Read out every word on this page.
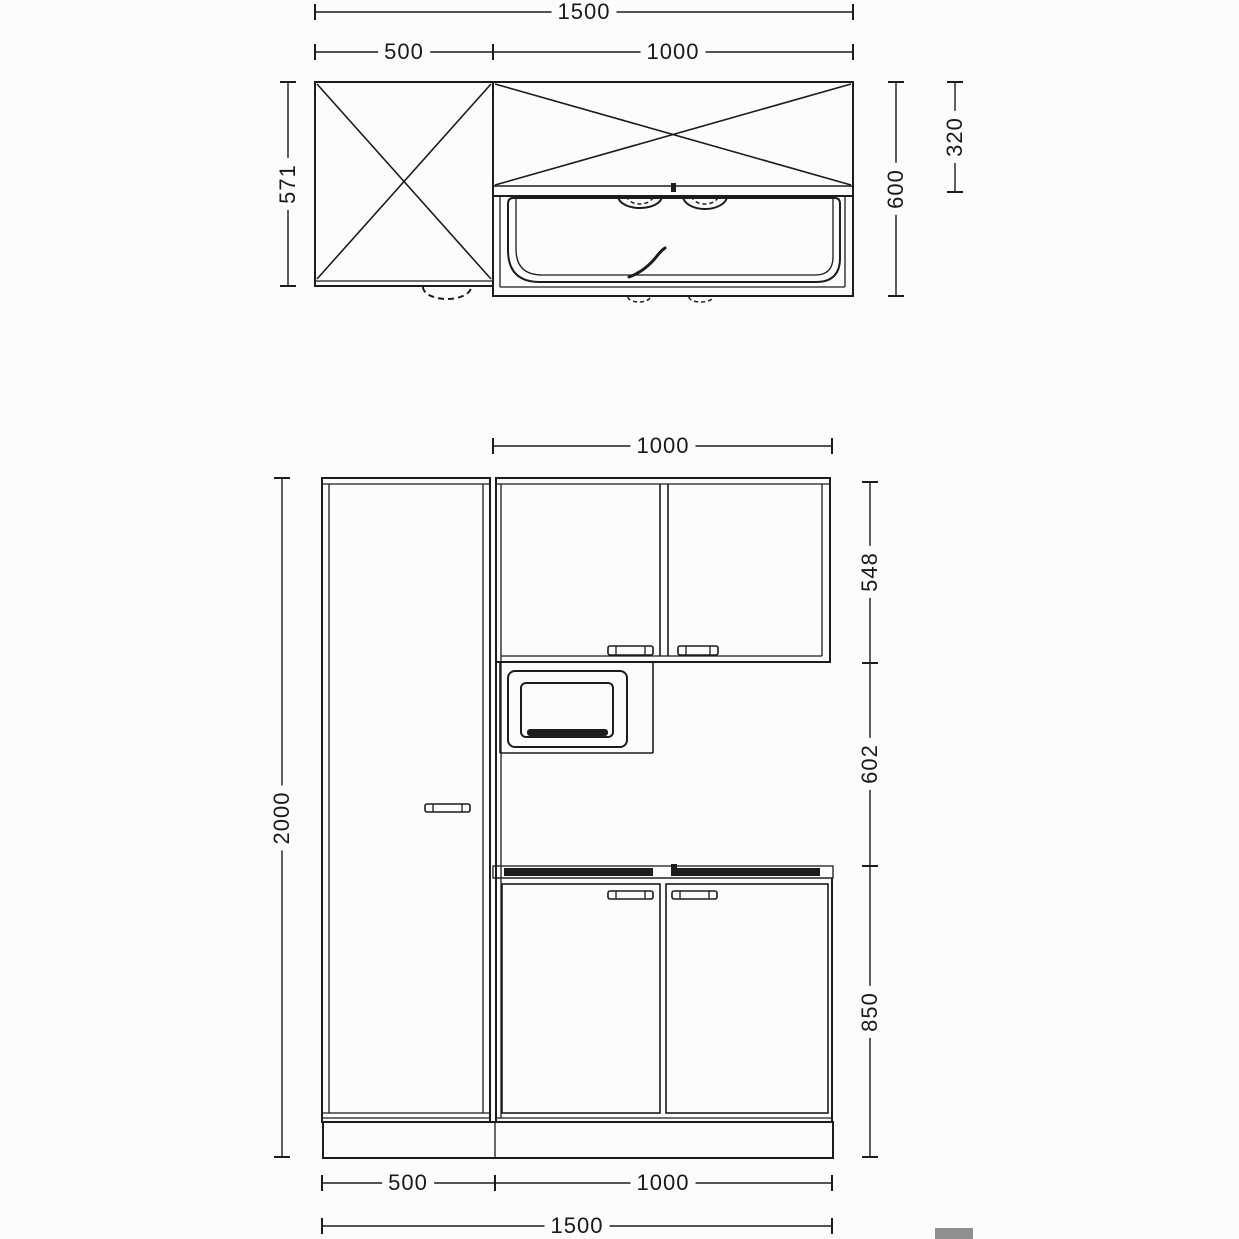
1500
500	1000
571	600
320
1000
2000
548
602
850
500	1000
1500
